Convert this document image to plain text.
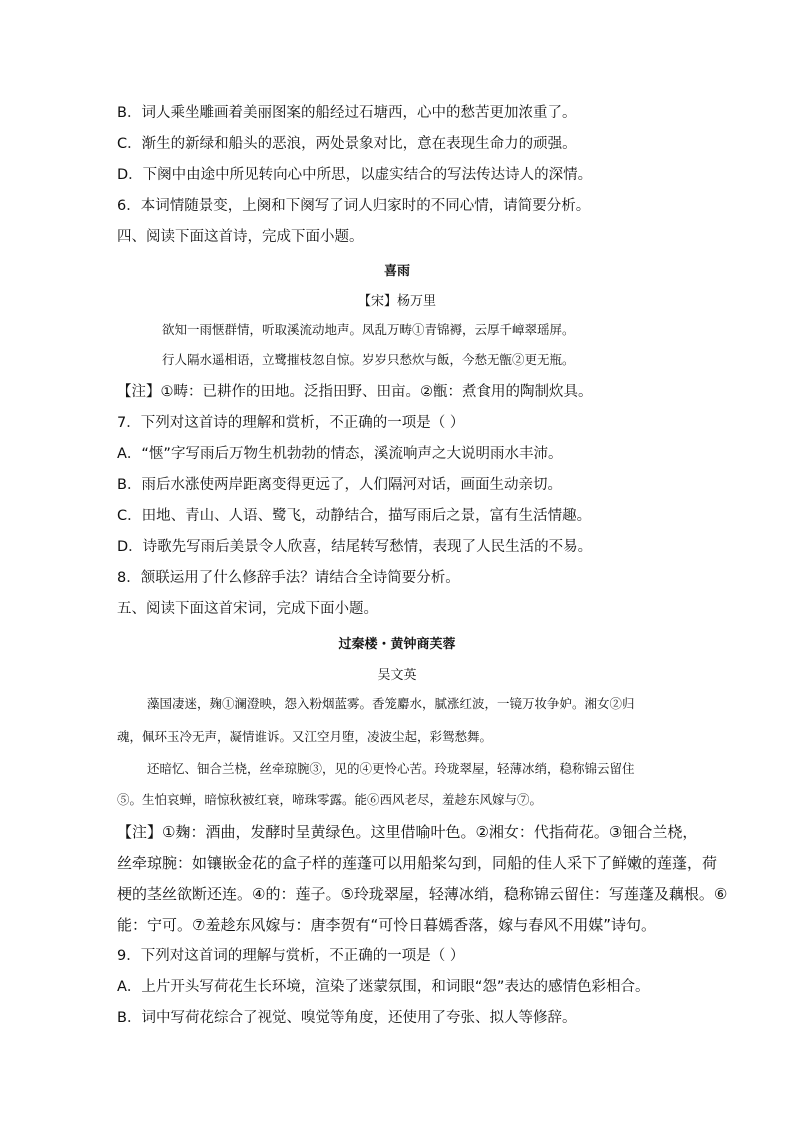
B．词人乘坐雕画着美丽图案的船经过石塘西，心中的愁苦更加浓重了。
C．渐生的新绿和船头的恶浪，两处景象对比，意在表现生命力的顽强。
D．下阕中由途中所见转向心中所思，以虚实结合的写法传达诗人的深情。
6．本词情随景变，上阕和下阕写了词人归家时的不同心情，请简要分析。
四、阅读下面这首诗，完成下面小题。
喜雨
【宋】杨万里
欲知一雨惬群情，听取溪流动地声。凤乱万畴①青锦褥，云厚千嶂翠瑶屏。
行人隔水遥相语，立鹭摧枝忽自惊。岁岁只愁炊与飯，今愁无甑②更无瓶。
【注】①畴：已耕作的田地。泛指田野、田亩。②甑：煮食用的陶制炊具。
7．下列对这首诗的理解和赏析，不正确的一项是（ ）
A．“惬”字写雨后万物生机勃勃的情态，溪流响声之大说明雨水丰沛。
B．雨后水涨使两岸距离变得更远了，人们隔河对话，画面生动亲切。
C．田地、青山、人语、鹭飞，动静结合，描写雨后之景，富有生活情趣。
D．诗歌先写雨后美景令人欣喜，结尾转写愁情，表现了人民生活的不易。
8．颔联运用了什么修辞手法？请结合全诗简要分析。
五、阅读下面这首宋词，完成下面小题。
过秦楼・黄钟商芙蓉
吴文英
藻国凄迷，麹①澜澄映，怨入粉烟蓝雾。香笼麝水，腻涨红波，一镜万妆争妒。湘女②归
魂，佩环玉冷无声，凝情谁诉。又江空月堕，凌波尘起，彩鸳愁舞。
还暗忆、钿合兰桡，丝牵琼腕③，见的④更怜心苦。玲珑翠屋，轻薄冰绡，稳称锦云留住
⑤。生怕哀蝉，暗惊秋被红衰，啼珠零露。能⑥西风老尽，羞趁东风嫁与⑦。
【注】①麹：酒曲，发酵时呈黄绿色。这里借喻叶色。②湘女：代指荷花。③钿合兰桡，
丝牵琼腕：如镶嵌金花的盒子样的莲蓬可以用船桨勾到，同船的佳人采下了鲜嫩的莲蓬，荷
梗的茎丝欲断还连。④的：莲子。⑤玲珑翠屋，轻薄冰绡，稳称锦云留住：写莲蓬及藕根。⑥
能：宁可。⑦羞趁东风嫁与：唐李贺有“可怜日暮嫣香落，嫁与春风不用媒”诗句。
9．下列对这首词的理解与赏析，不正确的一项是（ ）
A．上片开头写荷花生长环境，渲染了迷蒙氛围，和词眼“怨”表达的感情色彩相合。
B．词中写荷花综合了视觉、嗅觉等角度，还使用了夸张、拟人等修辞。
